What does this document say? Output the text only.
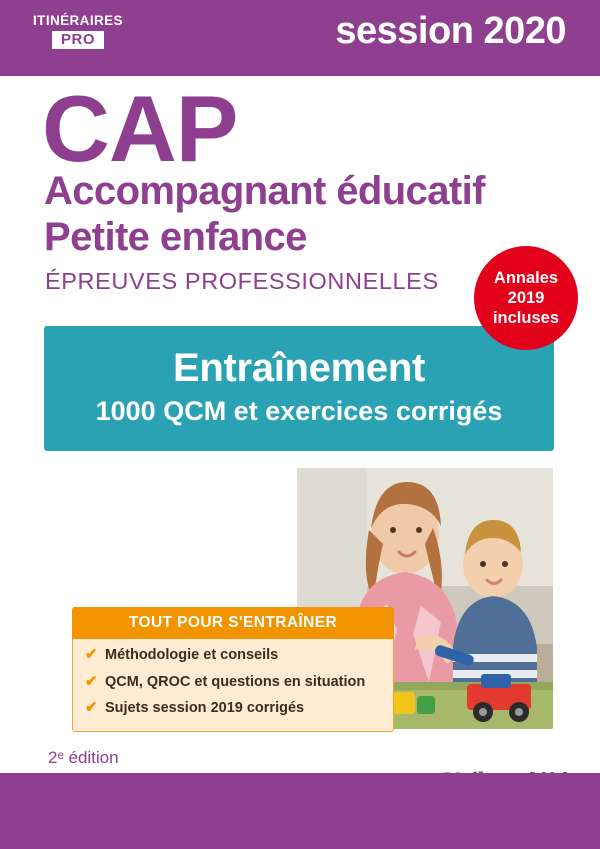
ITINÉRAIRES
PRO	session 2020
CAP
Accompagnant éducatif
Petite enfance
ÉPREUVES PROFESSIONNELLES	Annales
2019
incluses
Entraînement
1000 QCM et exercices corrigés
TOUT POUR S'ENTRAÎNER
✔ Méthodologie et conseils
✔ QCM, QROC et questions en situation
✔ Sujets session 2019 corrigés
2ᵉ édition
